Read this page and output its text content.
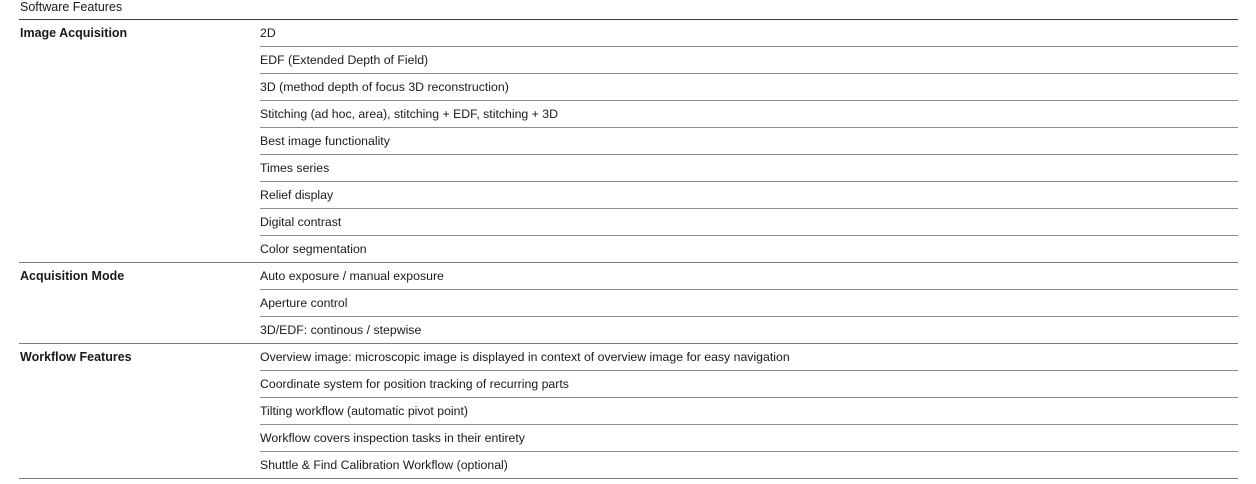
Software Features
Image Acquisition	2D
EDF (Extended Depth of Field)
3D (method depth of focus 3D reconstruction)
Stitching (ad hoc, area), stitching + EDF, stitching + 3D
Best image functionality
Times series
Relief display
Digital contrast
Color segmentation
Acquisition Mode	Auto exposure / manual exposure
Aperture control
3D/EDF: continous / stepwise
Workflow Features	Overview image: microscopic image is displayed in context of overview image for easy navigation
Coordinate system for position tracking of recurring parts
Tilting workflow (automatic pivot point)
Workflow covers inspection tasks in their entirety
Shuttle & Find Calibration Workflow (optional)
